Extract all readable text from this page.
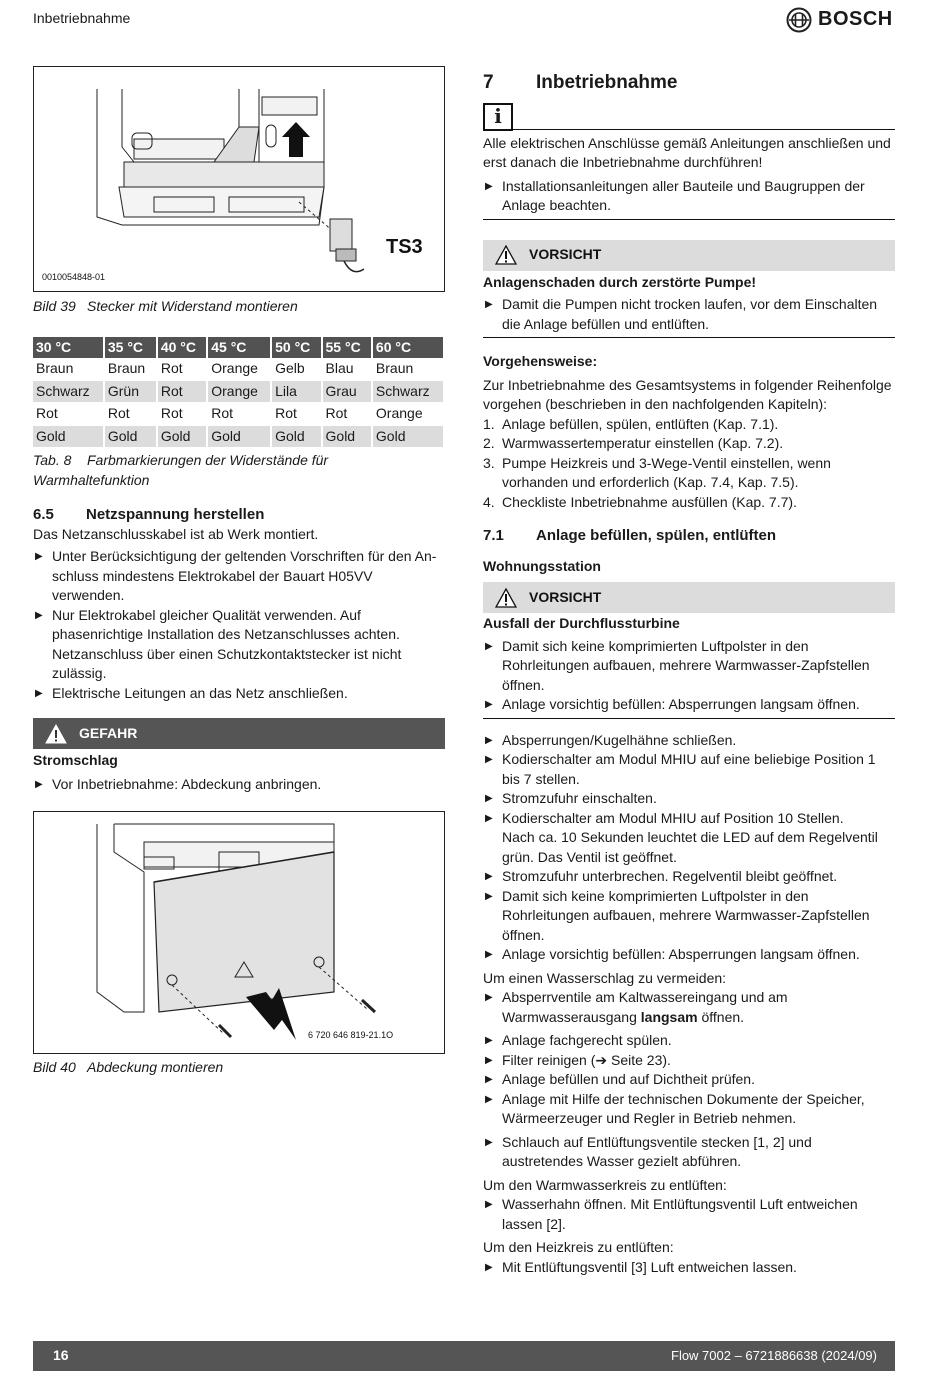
Inbetriebnahme	BOSCH
TS3
0010054848-01
Bild 39 Stecker mit Widerstand montieren
30 °C	35 °C	40 °C	45 °C	50 °C	55 °C	60 °C
Braun	Braun	Rot	Orange	Gelb	Blau	Braun
Schwarz	Grün	Rot	Orange	Lila	Grau	Schwarz
Rot	Rot	Rot	Rot	Rot	Rot	Orange
Gold	Gold	Gold	Gold	Gold	Gold	Gold
Tab. 8 Farbmarkierungen der Widerstände für Warmhaltefunktion
6.5	Netzspannung herstellen

Das Netzanschlusskabel ist ab Werk montiert.

▶ Unter Berücksichtigung der geltenden Vorschriften für den Anschluss mindestens Elektrokabel der Bauart H05VV verwenden.
▶ Nur Elektrokabel gleicher Qualität verwenden. Auf phasenrichtige Installation des Netzanschlusses achten. Netzanschluss über einen Schutzkontaktstecker ist nicht zulässig.
▶ Elektrische Leitungen an das Netz anschließen.
GEFAHR

Stromschlag

▶ Vor Inbetriebnahme: Abdeckung anbringen.
6 720 646 819-21.1O
Bild 40 Abdeckung montieren
7	Inbetriebnahme
i

Alle elektrischen Anschlüsse gemäß Anleitungen anschließen und erst danach die Inbetriebnahme durchführen!

▶ Installationsanleitungen aller Bauteile und Baugruppen der Anlage beachten.
VORSICHT

Anlagenschaden durch zerstörte Pumpe!

▶ Damit die Pumpen nicht trocken laufen, vor dem Einschalten die Anlage befüllen und entlüften.

Vorgehensweise:

Zur Inbetriebnahme des Gesamtsystems in folgender Reihenfolge vorgehen (beschrieben in den nachfolgenden Kapiteln):

1. Anlage befüllen, spülen, entlüften (Kap. 7.1).
2. Warmwassertemperatur einstellen (Kap. 7.2).
3. Pumpe Heizkreis und 3-Wege-Ventil einstellen, wenn vorhanden und erforderlich (Kap. 7.4, Kap. 7.5).
4. Checkliste Inbetriebnahme ausfüllen (Kap. 7.7).
7.1	Anlage befüllen, spülen, entlüften

Wohnungsstation

VORSICHT

Ausfall der Durchflussturbine

▶ Damit sich keine komprimierten Luftpolster in den Rohrleitungen aufbauen, mehrere Warmwasser-Zapfstellen öffnen.
▶ Anlage vorsichtig befüllen: Absperrungen langsam öffnen.
▶ Absperrungen/Kugelhähne schließen.
▶ Kodierschalter am Modul MHIU auf eine beliebige Position 1 bis 7 stellen.
▶ Stromzufuhr einschalten.
▶ Kodierschalter am Modul MHIU auf Position 10 Stellen.
Nach ca. 10 Sekunden leuchtet die LED auf dem Regelventil grün. Das Ventil ist geöffnet.
▶ Stromzufuhr unterbrechen. Regelventil bleibt geöffnet.
▶ Damit sich keine komprimierten Luftpolster in den Rohrleitungen aufbauen, mehrere Warmwasser-Zapfstellen öffnen.
▶ Anlage vorsichtig befüllen: Absperrungen langsam öffnen.

Um einen Wasserschlag zu vermeiden:

▶ Absperrventile am Kaltwassereingang und am Warmwasserausgang langsam öffnen.
▶ Anlage fachgerecht spülen.
▶ Filter reinigen (➔ Seite 23).
▶ Anlage befüllen und auf Dichtheit prüfen.
▶ Anlage mit Hilfe der technischen Dokumente der Speicher, Wärmeerzeuger und Regler in Betrieb nehmen.
▶ Schlauch auf Entlüftungsventile stecken [1, 2] und austretendes Wasser gezielt abführen.

Um den Warmwasserkreis zu entlüften:

▶ Wasserhahn öffnen. Mit Entlüftungsventil Luft entweichen lassen [2].

Um den Heizkreis zu entlüften:

▶ Mit Entlüftungsventil [3] Luft entweichen lassen.
16	Flow 7002 – 6721886638 (2024/09)
